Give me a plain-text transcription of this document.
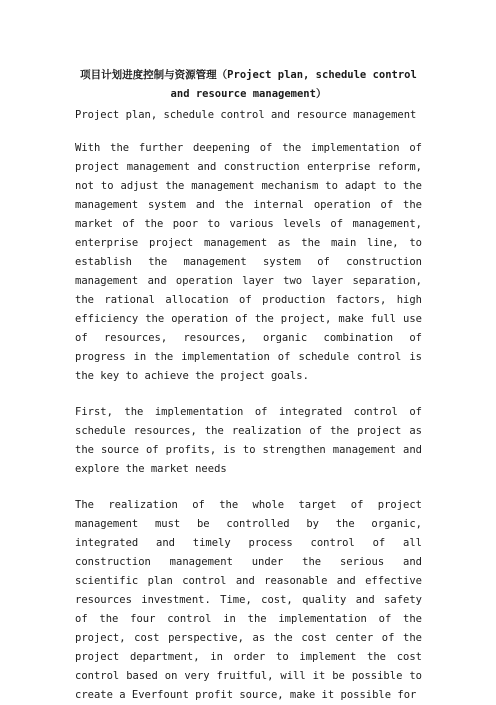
项目计划进度控制与资源管理（Project plan, schedule control and resource management）
Project plan, schedule control and resource management
With the further deepening of the implementation of project management and construction enterprise reform, not to adjust the management mechanism to adapt to the management system and the internal operation of the market of the poor to various levels of management, enterprise project management as the main line, to establish the management system of construction management and operation layer two layer separation, the rational allocation of production factors, high efficiency the operation of the project, make full use of resources, resources, organic combination of progress in the implementation of schedule control is the key to achieve the project goals.
First, the implementation of integrated control of schedule resources, the realization of the project as the source of profits, is to strengthen management and explore the market needs
The realization of the whole target of project management must be controlled by the organic, integrated and timely process control of all construction management under the serious and scientific plan control and reasonable and effective resources investment. Time, cost, quality and safety of the four control in the implementation of the project, cost perspective, as the cost center of the project department, in order to implement the cost control based on very fruitful, will it be possible to create a Everfount profit source, make it possible for
